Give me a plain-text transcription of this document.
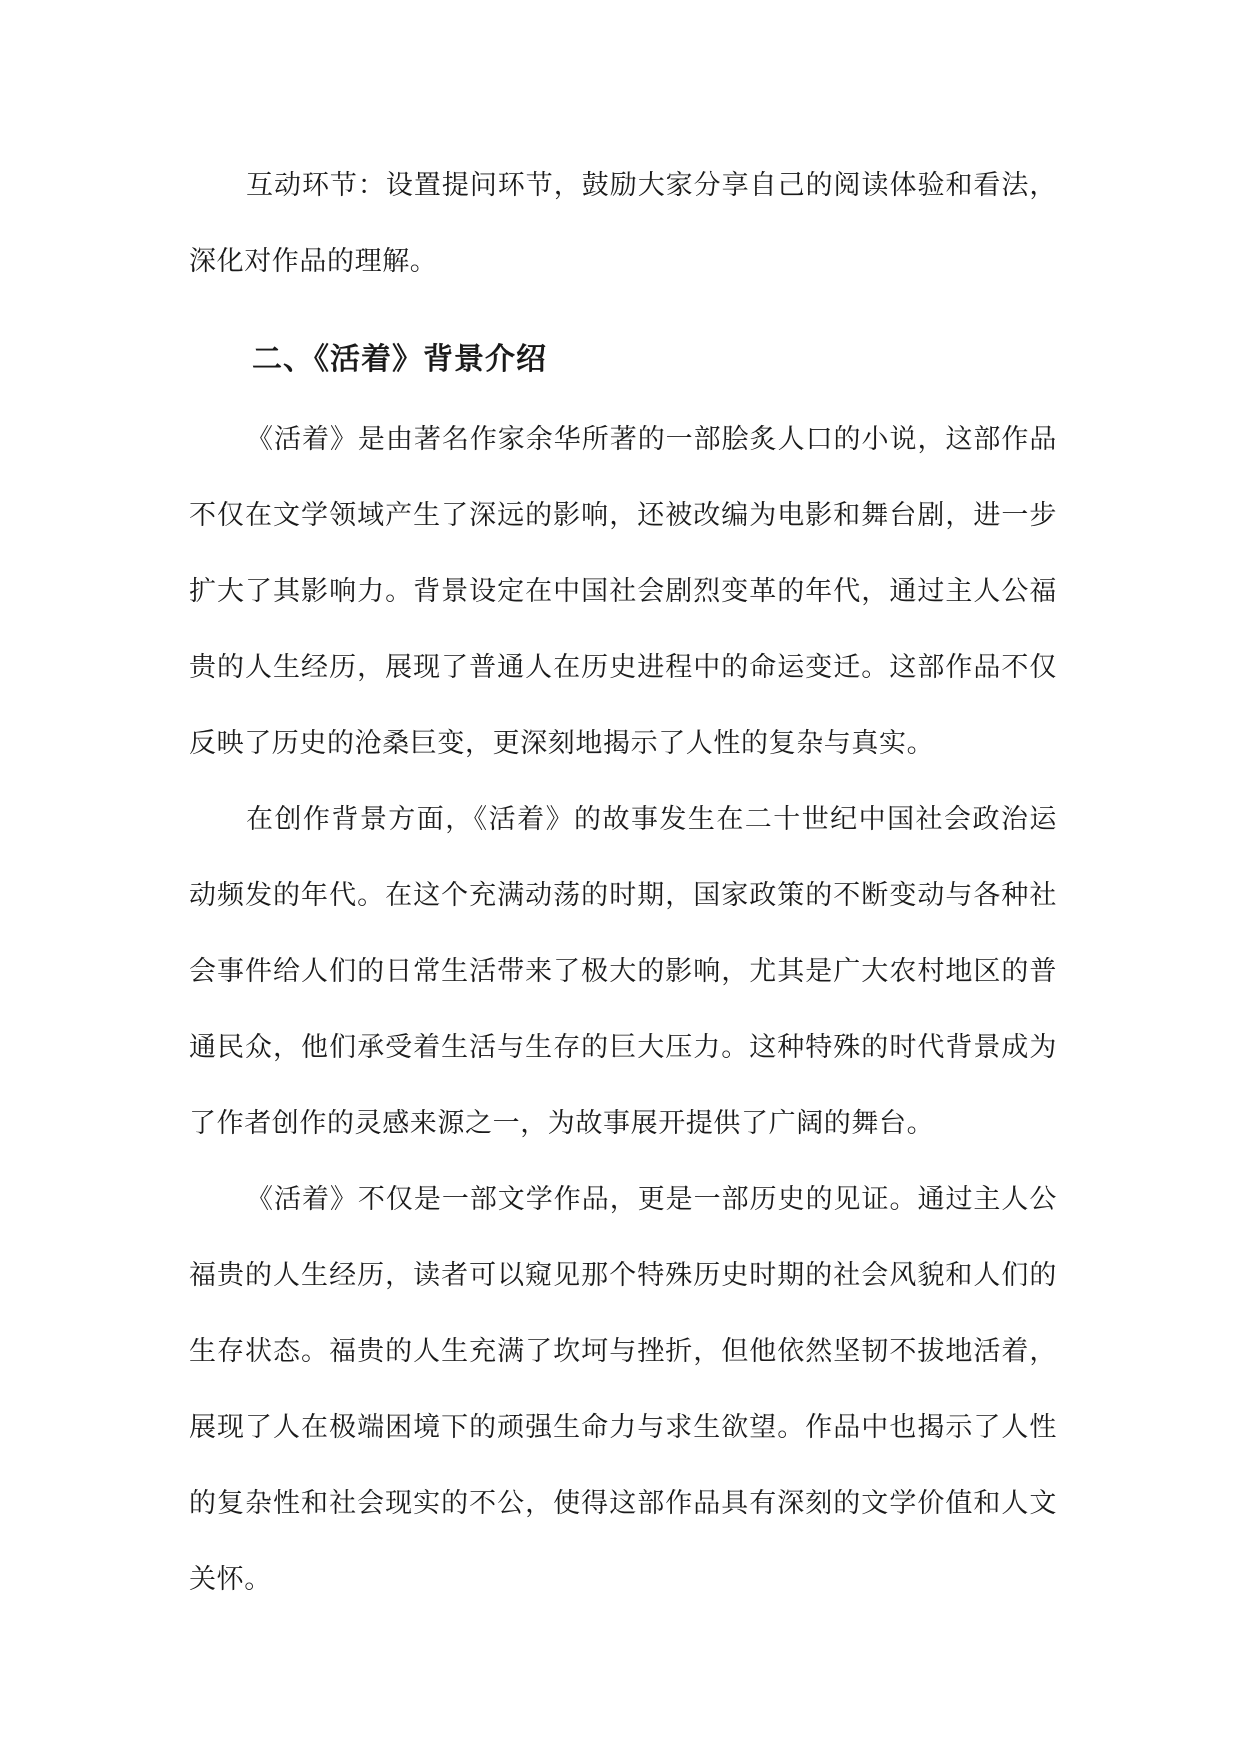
互动环节：设置提问环节，鼓励大家分享自己的阅读体验和看法，深化对作品的理解。

二、《活着》背景介绍

《活着》是由著名作家余华所著的一部脍炙人口的小说，这部作品不仅在文学领域产生了深远的影响，还被改编为电影和舞台剧，进一步扩大了其影响力。背景设定在中国社会剧烈变革的年代，通过主人公福贵的人生经历，展现了普通人在历史进程中的命运变迁。这部作品不仅反映了历史的沧桑巨变，更深刻地揭示了人性的复杂与真实。

在创作背景方面，《活着》的故事发生在二十世纪中国社会政治运动频发的年代。在这个充满动荡的时期，国家政策的不断变动与各种社会事件给人们的日常生活带来了极大的影响，尤其是广大农村地区的普通民众，他们承受着生活与生存的巨大压力。这种特殊的时代背景成为了作者创作的灵感来源之一，为故事展开提供了广阔的舞台。

《活着》不仅是一部文学作品，更是一部历史的见证。通过主人公福贵的人生经历，读者可以窥见那个特殊历史时期的社会风貌和人们的生存状态。福贵的人生充满了坎坷与挫折，但他依然坚韧不拔地活着，展现了人在极端困境下的顽强生命力与求生欲望。作品中也揭示了人性的复杂性和社会现实的不公，使得这部作品具有深刻的文学价值和人文关怀。
